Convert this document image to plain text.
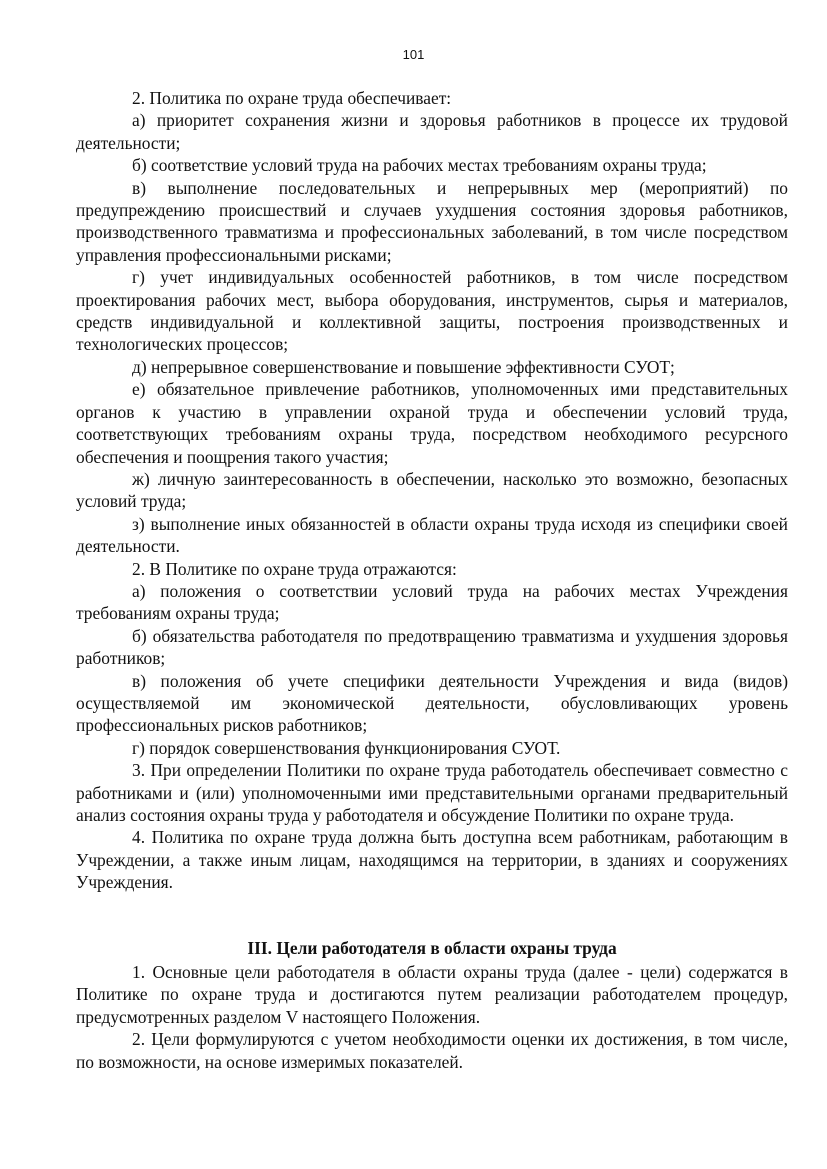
101

2. Политика по охране труда обеспечивает:

а) приоритет сохранения жизни и здоровья работников в процессе их трудовой деятельности;

б) соответствие условий труда на рабочих местах требованиям охраны труда;

в) выполнение последовательных и непрерывных мер (мероприятий) по предупреждению происшествий и случаев ухудшения состояния здоровья работников, производственного травматизма и профессиональных заболеваний, в том числе посредством управления профессиональными рисками;

г) учет индивидуальных особенностей работников, в том числе посредством проектирования рабочих мест, выбора оборудования, инструментов, сырья и материалов, средств индивидуальной и коллективной защиты, построения производственных и технологических процессов;

д) непрерывное совершенствование и повышение эффективности СУОТ;

е) обязательное привлечение работников, уполномоченных ими представительных органов к участию в управлении охраной труда и обеспечении условий труда, соответствующих требованиям охраны труда, посредством необходимого ресурсного обеспечения и поощрения такого участия;

ж) личную заинтересованность в обеспечении, насколько это возможно, безопасных условий труда;

з) выполнение иных обязанностей в области охраны труда исходя из специфики своей деятельности.

2. В Политике по охране труда отражаются:

а) положения о соответствии условий труда на рабочих местах Учреждения требованиям охраны труда;

б) обязательства работодателя по предотвращению травматизма и ухудшения здоровья работников;

в) положения об учете специфики деятельности Учреждения и вида (видов) осуществляемой им экономической деятельности, обусловливающих уровень профессиональных рисков работников;

г) порядок совершенствования функционирования СУОТ.

3. При определении Политики по охране труда работодатель обеспечивает совместно с работниками и (или) уполномоченными ими представительными органами предварительный анализ состояния охраны труда у работодателя и обсуждение Политики по охране труда.

4. Политика по охране труда должна быть доступна всем работникам, работающим в Учреждении, а также иным лицам, находящимся на территории, в зданиях и сооружениях Учреждения.

III. Цели работодателя в области охраны труда

1. Основные цели работодателя в области охраны труда (далее ‑ цели) содержатся в Политике по охране труда и достигаются путем реализации работодателем процедур, предусмотренных разделом V настоящего Положения.

2. Цели формулируются с учетом необходимости оценки их достижения, в том числе, по возможности, на основе измеримых показателей.
